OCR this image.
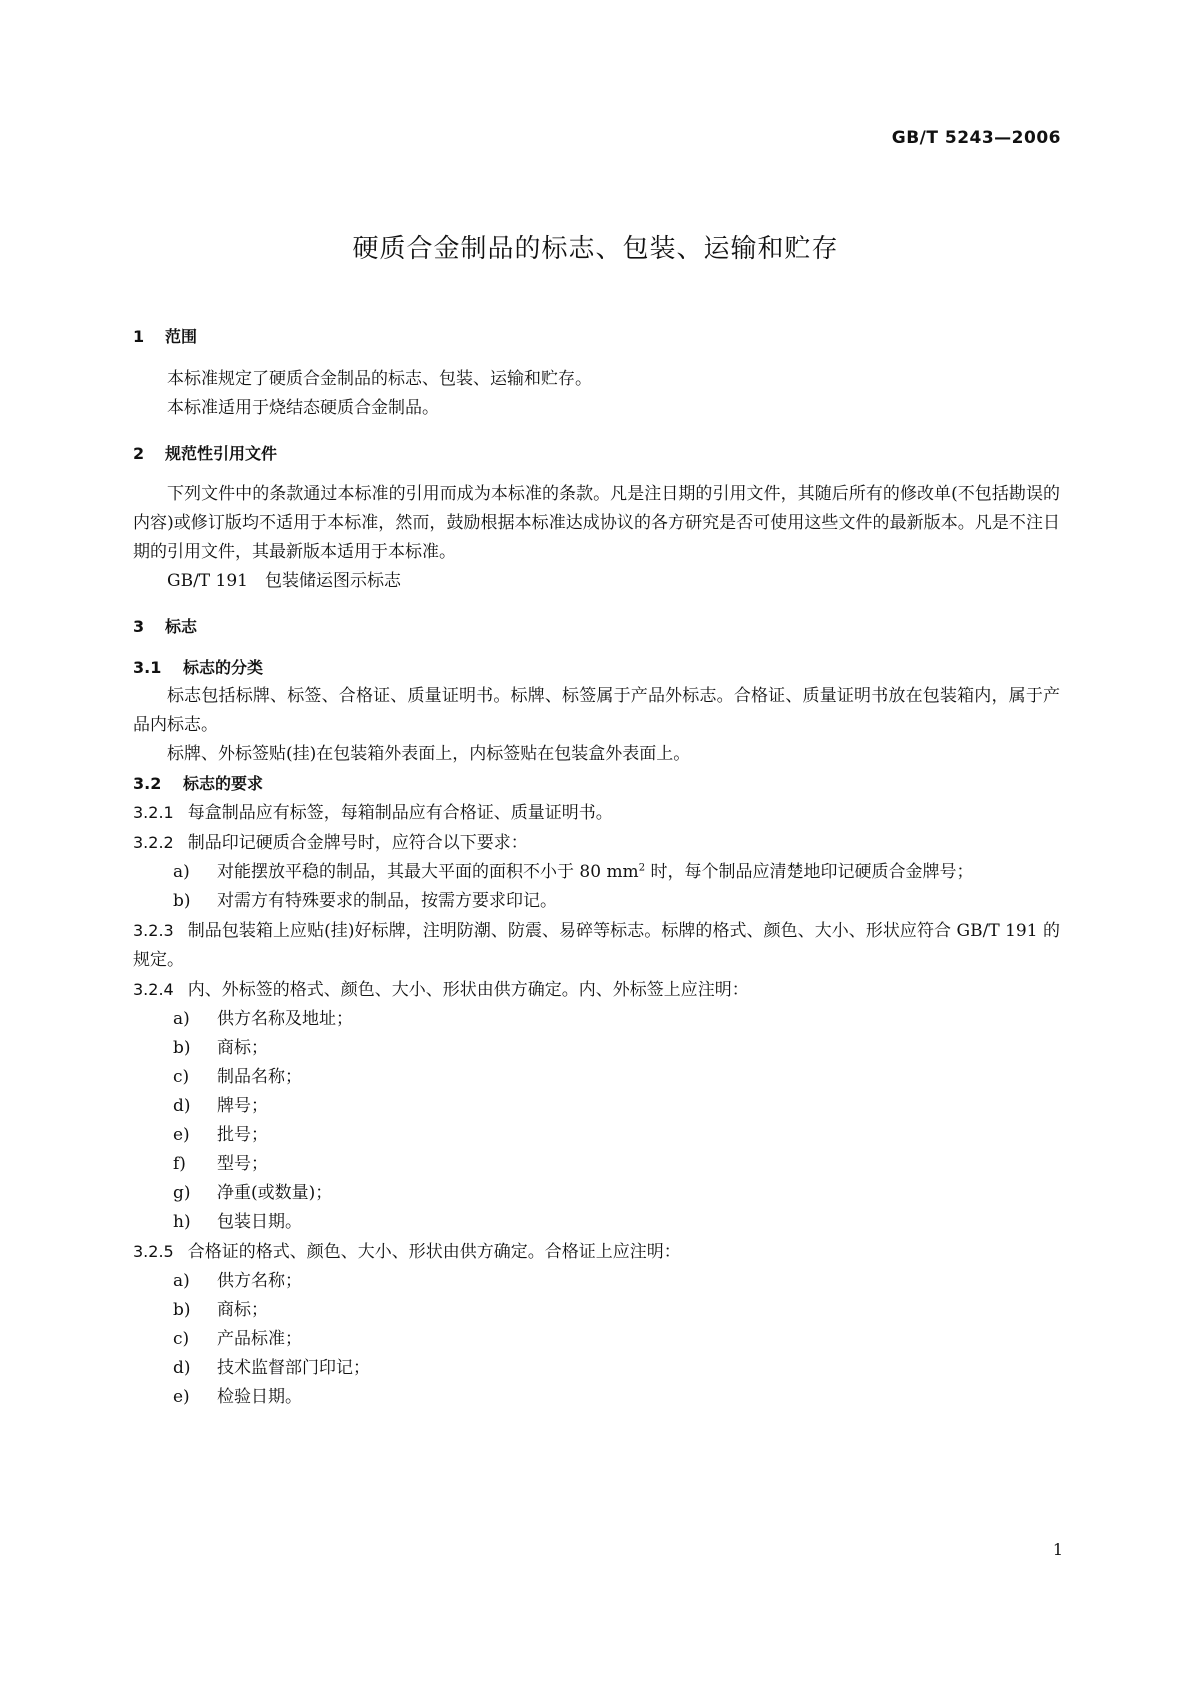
GB/T 5243—2006
硬质合金制品的标志、包装、运输和贮存
1 范围
本标准规定了硬质合金制品的标志、包装、运输和贮存。
本标准适用于烧结态硬质合金制品。
2 规范性引用文件
下列文件中的条款通过本标准的引用而成为本标准的条款。凡是注日期的引用文件，其随后所有的修改单(不包括勘误的内容)或修订版均不适用于本标准，然而，鼓励根据本标准达成协议的各方研究是否可使用这些文件的最新版本。凡是不注日期的引用文件，其最新版本适用于本标准。
GB/T 191　包装储运图示标志
3 标志
3.1 标志的分类
标志包括标牌、标签、合格证、质量证明书。标牌、标签属于产品外标志。合格证、质量证明书放在包装箱内，属于产品内标志。
标牌、外标签贴(挂)在包装箱外表面上，内标签贴在包装盒外表面上。
3.2 标志的要求
3.2.1 每盒制品应有标签，每箱制品应有合格证、质量证明书。
3.2.2 制品印记硬质合金牌号时，应符合以下要求：
a) 对能摆放平稳的制品，其最大平面的面积不小于 80 $mm^2$ 时，每个制品应清楚地印记硬质合金牌号；
b) 对需方有特殊要求的制品，按需方要求印记。
3.2.3 制品包装箱上应贴(挂)好标牌，注明防潮、防震、易碎等标志。标牌的格式、颜色、大小、形状应符合 GB/T 191 的规定。
3.2.4 内、外标签的格式、颜色、大小、形状由供方确定。内、外标签上应注明：
a) 供方名称及地址；
b) 商标；
c) 制品名称；
d) 牌号；
e) 批号；
f) 型号；
g) 净重(或数量)；
h) 包装日期。
3.2.5 合格证的格式、颜色、大小、形状由供方确定。合格证上应注明：
a) 供方名称；
b) 商标；
c) 产品标准；
d) 技术监督部门印记；
e) 检验日期。
1
